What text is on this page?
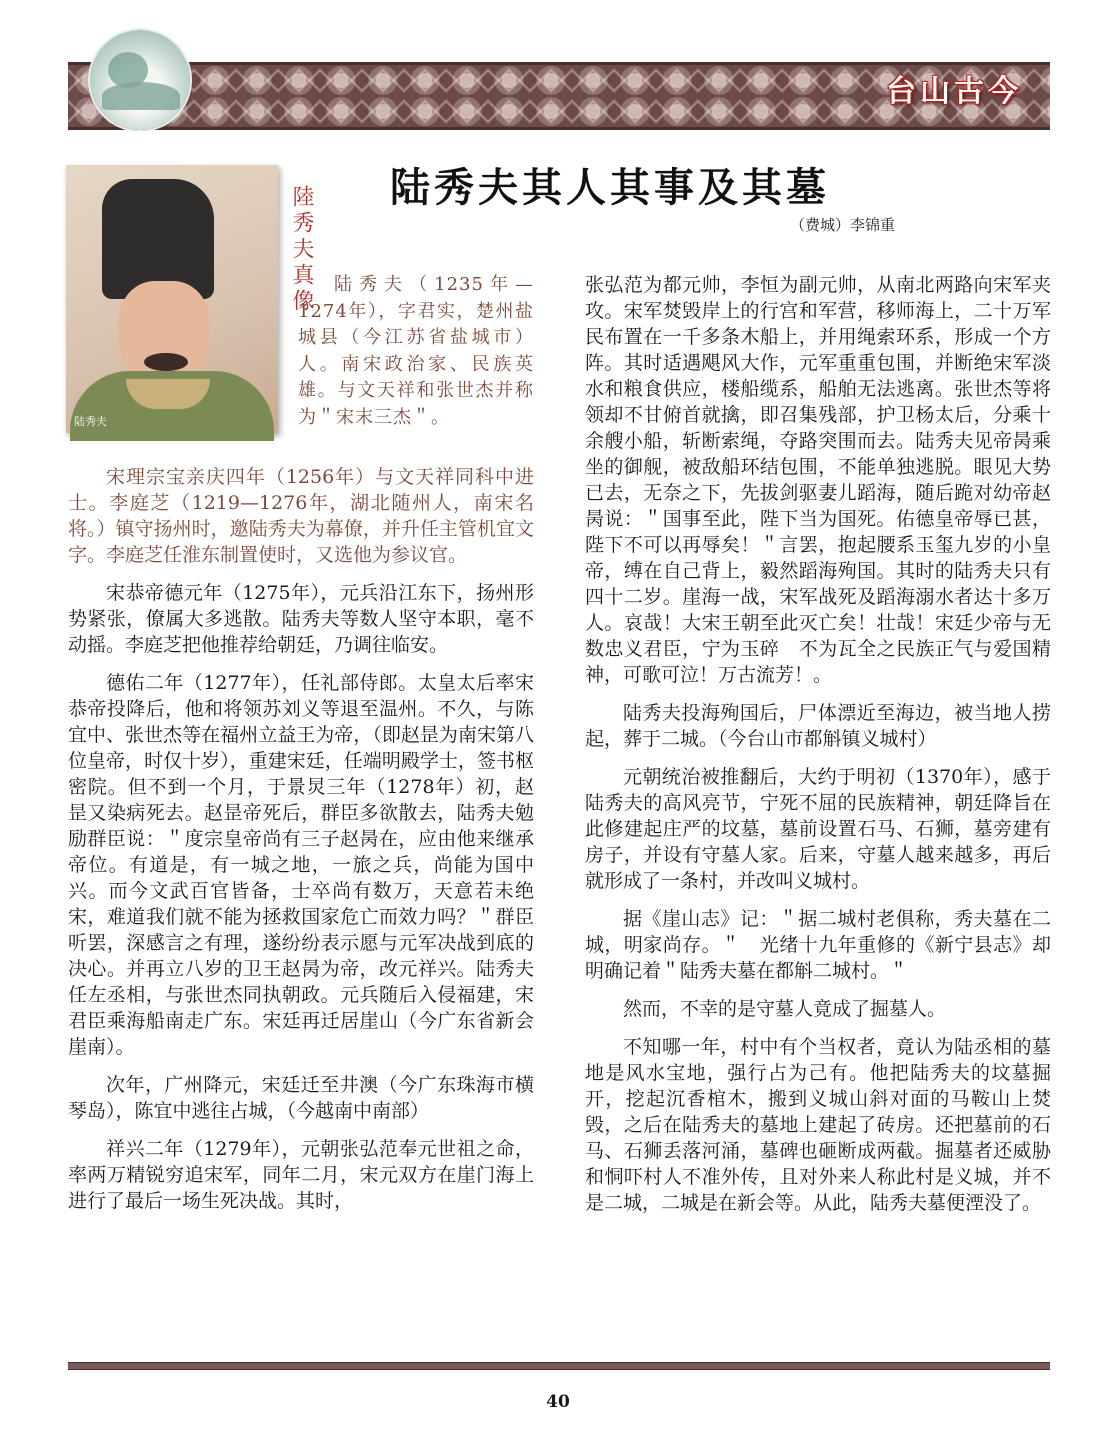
台山古今
陸秀夫真像
陆秀夫
陆秀夫其人其事及其墓
（费城）李锦重

陆秀夫（1235年—1274年），字君实，楚州盐城县（今江苏省盐城市）人。南宋政治家、民族英雄。与文天祥和张世杰并称为＂宋末三杰＂。

宋理宗宝亲庆四年（1256年）与文天祥同科中进士。李庭芝（1219—1276年，湖北随州人，南宋名将。）镇守扬州时，邀陆秀夫为幕僚，并升任主管机宜文字。李庭芝任淮东制置使时，又选他为参议官。

宋恭帝德元年（1275年），元兵沿江东下，扬州形势紧张，僚属大多逃散。陆秀夫等数人坚守本职，毫不动摇。李庭芝把他推荐给朝廷，乃调往临安。

德佑二年（1277年），任礼部侍郎。太皇太后率宋恭帝投降后，他和将领苏刘义等退至温州。不久，与陈宜中、张世杰等在福州立益王为帝，（即赵昰为南宋第八位皇帝，时仅十岁），重建宋廷，任端明殿学士，签书枢密院。但不到一个月，于景炅三年（1278年）初，赵昰又染病死去。赵昰帝死后，群臣多欲散去，陆秀夫勉励群臣说：＂度宗皇帝尚有三子赵昺在，应由他来继承帝位。有道是，有一城之地，一旅之兵，尚能为国中兴。而今文武百官皆备，士卒尚有数万，天意若未绝宋，难道我们就不能为拯救国家危亡而效力吗？＂群臣听罢，深感言之有理，遂纷纷表示愿与元军决战到底的决心。并再立八岁的卫王赵昺为帝，改元祥兴。陆秀夫任左丞相，与张世杰同执朝政。元兵随后入侵福建，宋君臣乘海船南走广东。宋廷再迁居崖山（今广东省新会崖南）。

次年，广州降元，宋廷迁至井澳（今广东珠海市横琴岛），陈宜中逃往占城，（今越南中南部）

祥兴二年（1279年），元朝张弘范奉元世祖之命，率两万精锐穷追宋军，同年二月，宋元双方在崖门海上进行了最后一场生死决战。其时，

张弘范为都元帅，李恒为副元帅，从南北两路向宋军夹攻。宋军焚毁岸上的行宫和军营，移师海上，二十万军民布置在一千多条木船上，并用绳索环系，形成一个方阵。其时适遇飓风大作，元军重重包围，并断绝宋军淡水和粮食供应，楼船缆系，船舶无法逃离。张世杰等将领却不甘俯首就擒，即召集残部，护卫杨太后，分乘十余艘小船，斩断索绳，夺路突围而去。陆秀夫见帝昺乘坐的御舰，被敌船环结包围，不能单独逃脱。眼见大势已去，无奈之下，先拔剑驱妻儿蹈海，随后跪对幼帝赵昺说：＂国事至此，陛下当为国死。佑德皇帝辱已甚，陛下不可以再辱矣！＂言罢，抱起腰系玉玺九岁的小皇帝，缚在自己背上，毅然蹈海殉国。其时的陆秀夫只有四十二岁。崖海一战，宋军战死及蹈海溺水者达十多万人。哀哉！大宋王朝至此灭亡矣！壮哉！宋廷少帝与无数忠义君臣，宁为玉碎　不为瓦全之民族正气与爱国精神，可歌可泣！万古流芳！。

陆秀夫投海殉国后，尸体漂近至海边，被当地人捞起，葬于二城。（今台山市都斛镇义城村）

元朝统治被推翻后，大约于明初（1370年），感于陆秀夫的高风亮节，宁死不屈的民族精神，朝廷降旨在此修建起庄严的坟墓，墓前设置石马、石狮，墓旁建有房子，并设有守墓人家。后来，守墓人越来越多，再后就形成了一条村，并改叫义城村。

据《崖山志》记：＂据二城村老俱称，秀夫墓在二城，明家尚存。＂　光绪十九年重修的《新宁县志》却明确记着＂陆秀夫墓在都斛二城村。＂

然而，不幸的是守墓人竟成了掘墓人。

不知哪一年，村中有个当权者，竟认为陆丞相的墓地是风水宝地，强行占为己有。他把陆秀夫的坟墓掘开，挖起沉香棺木，搬到义城山斜对面的马鞍山上焚毁，之后在陆秀夫的墓地上建起了砖房。还把墓前的石马、石狮丢落河涌，墓碑也砸断成两截。掘墓者还威胁和恫吓村人不准外传，且对外来人称此村是义城，并不是二城，二城是在新会等。从此，陆秀夫墓便湮没了。

40
